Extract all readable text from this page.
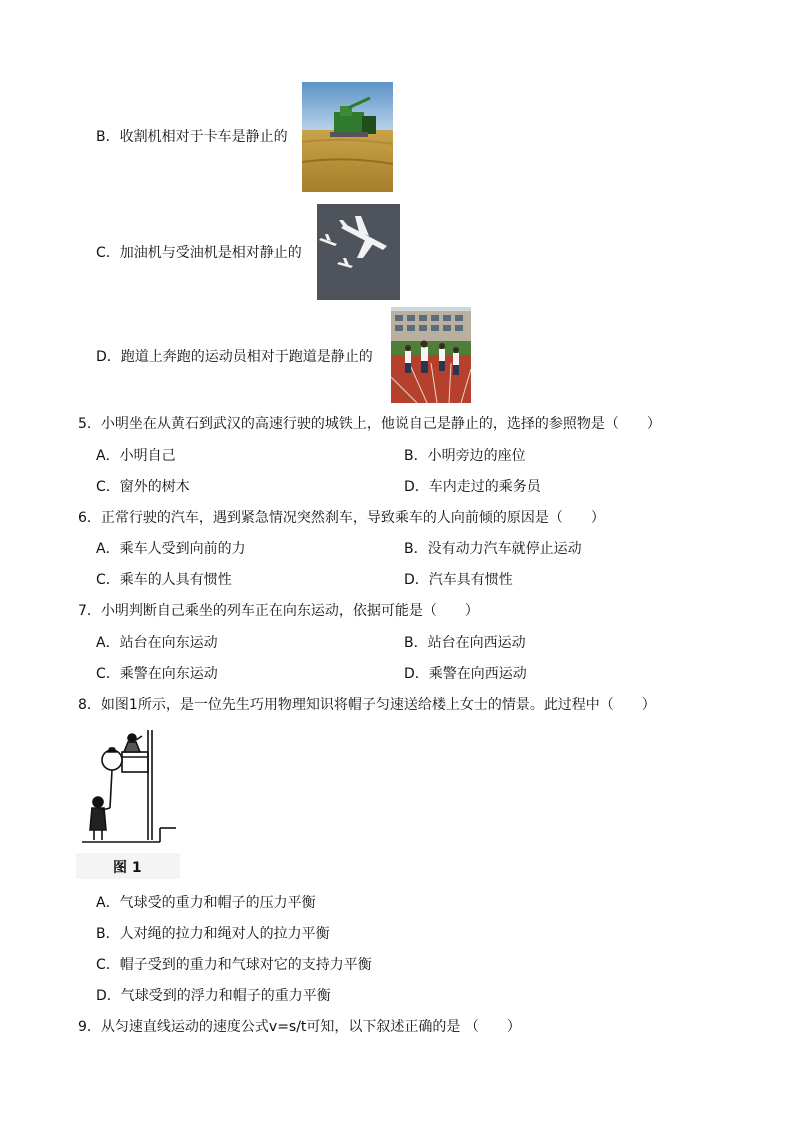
B．收割机相对于卡车是静止的
C．加油机与受油机是相对静止的
D．跑道上奔跑的运动员相对于跑道是静止的
5．小明坐在从黄石到武汉的高速行驶的城铁上，他说自己是静止的，选择的参照物是（　　）
A．小明自己	B．小明旁边的座位
C．窗外的树木	D．车内走过的乘务员
6．正常行驶的汽车，遇到紧急情况突然刹车，导致乘车的人向前倾的原因是（　　）
A．乘车人受到向前的力	B．没有动力汽车就停止运动
C．乘车的人具有惯性	D．汽车具有惯性
7．小明判断自己乘坐的列车正在向东运动，依据可能是（　　）
A．站台在向东运动	B．站台在向西运动
C．乘警在向东运动	D．乘警在向西运动
8．如图1所示，是一位先生巧用物理知识将帽子匀速送给楼上女士的情景。此过程中（　　）
图 1
A．气球受的重力和帽子的压力平衡
B．人对绳的拉力和绳对人的拉力平衡
C．帽子受到的重力和气球对它的支持力平衡
D．气球受到的浮力和帽子的重力平衡
9．从匀速直线运动的速度公式v=s/t可知，以下叙述正确的是 （　　）
